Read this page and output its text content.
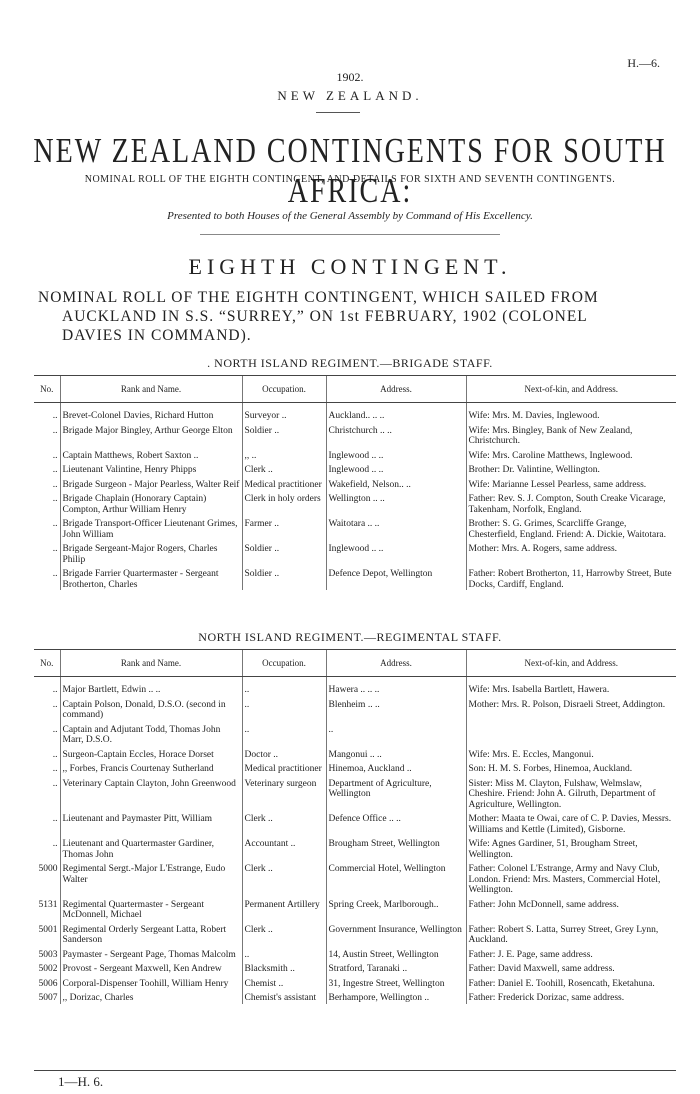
H.—6.
1902.
NEW ZEALAND.
NEW ZEALAND CONTINGENTS FOR SOUTH AFRICA:
NOMINAL ROLL OF THE EIGHTH CONTINGENT, AND DETAILS FOR SIXTH AND SEVENTH CONTINGENTS.
Presented to both Houses of the General Assembly by Command of His Excellency.
EIGHTH CONTINGENT.
NOMINAL ROLL OF THE EIGHTH CONTINGENT, WHICH SAILED FROM
AUCKLAND IN S.S. “SURREY,” ON 1st FEBRUARY, 1902 (COLONEL
DAVIES IN COMMAND).
. NORTH ISLAND REGIMENT.—BRIGADE STAFF.
No.	Rank and Name.	Occupation.	Address.	Next-of-kin, and Address.
..	Brevet-Colonel Davies, Richard Hutton	Surveyor ..	Auckland.. .. ..	Wife: Mrs. M. Davies, Inglewood.
..	Brigade Major Bingley, Arthur George Elton	Soldier ..	Christchurch .. ..	Wife: Mrs. Bingley, Bank of New Zealand, Christchurch.
..	Captain Matthews, Robert Saxton ..	,, ..	Inglewood .. ..	Wife: Mrs. Caroline Matthews, Inglewood.
..	Lieutenant Valintine, Henry Phipps	Clerk ..	Inglewood .. ..	Brother: Dr. Valintine, Wellington.
..	Brigade Surgeon - Major Pearless, Walter Reif	Medical practitioner	Wakefield, Nelson.. ..	Wife: Marianne Lessel Pearless, same address.
..	Brigade Chaplain (Honorary Captain) Compton, Arthur William Henry	Clerk in holy orders	Wellington .. ..	Father: Rev. S. J. Compton, South Creake Vicarage, Takenham, Norfolk, England.
..	Brigade Transport-Officer Lieutenant Grimes, John William	Farmer ..	Waitotara .. ..	Brother: S. G. Grimes, Scarcliffe Grange, Chesterfield, England. Friend: A. Dickie, Waitotara.
..	Brigade Sergeant-Major Rogers, Charles Philip	Soldier ..	Inglewood .. ..	Mother: Mrs. A. Rogers, same address.
..	Brigade Farrier Quartermaster - Sergeant Brotherton, Charles	Soldier ..	Defence Depot, Wellington	Father: Robert Brotherton, 11, Harrowby Street, Bute Docks, Cardiff, England.
NORTH ISLAND REGIMENT.—REGIMENTAL STAFF.
No.	Rank and Name.	Occupation.	Address.	Next-of-kin, and Address.
..	Major Bartlett, Edwin .. ..	..	Hawera .. .. ..	Wife: Mrs. Isabella Bartlett, Hawera.
..	Captain Polson, Donald, D.S.O. (second in command)	..	Blenheim .. ..	Mother: Mrs. R. Polson, Disraeli Street, Addington.
..	Captain and Adjutant Todd, Thomas John Marr, D.S.O.	..	..	
..	Surgeon-Captain Eccles, Horace Dorset	Doctor ..	Mangonui .. ..	Wife: Mrs. E. Eccles, Mangonui.
..	,, Forbes, Francis Courtenay Sutherland	Medical practitioner	Hinemoa, Auckland ..	Son: H. M. S. Forbes, Hinemoa, Auckland.
..	Veterinary Captain Clayton, John Greenwood	Veterinary surgeon	Department of Agriculture, Wellington	Sister: Miss M. Clayton, Fulshaw, Welmslaw, Cheshire. Friend: John A. Gilruth, Department of Agriculture, Wellington.
..	Lieutenant and Paymaster Pitt, William	Clerk ..	Defence Office .. ..	Mother: Maata te Owai, care of C. P. Davies, Messrs. Williams and Kettle (Limited), Gisborne.
..	Lieutenant and Quartermaster Gardiner, Thomas John	Accountant ..	Brougham Street, Wellington	Wife: Agnes Gardiner, 51, Brougham Street, Wellington.
5000	Regimental Sergt.-Major L'Estrange, Eudo Walter	Clerk ..	Commercial Hotel, Wellington	Father: Colonel L'Estrange, Army and Navy Club, London. Friend: Mrs. Masters, Commercial Hotel, Wellington.
5131	Regimental Quartermaster - Sergeant McDonnell, Michael	Permanent Artillery	Spring Creek, Marlborough..	Father: John McDonnell, same address.
5001	Regimental Orderly Sergeant Latta, Robert Sanderson	Clerk ..	Government Insurance, Wellington	Father: Robert S. Latta, Surrey Street, Grey Lynn, Auckland.
5003	Paymaster - Sergeant Page, Thomas Malcolm	..	14, Austin Street, Wellington	Father: J. E. Page, same address.
5002	Provost - Sergeant Maxwell, Ken Andrew	Blacksmith ..	Stratford, Taranaki ..	Father: David Maxwell, same address.
5006	Corporal-Dispenser Toohill, William Henry	Chemist ..	31, Ingestre Street, Wellington	Father: Daniel E. Toohill, Rosencath, Eketahuna.
5007	,, Dorizac, Charles	Chemist's assistant	Berhampore, Wellington ..	Father: Frederick Dorizac, same address.
1—H. 6.
